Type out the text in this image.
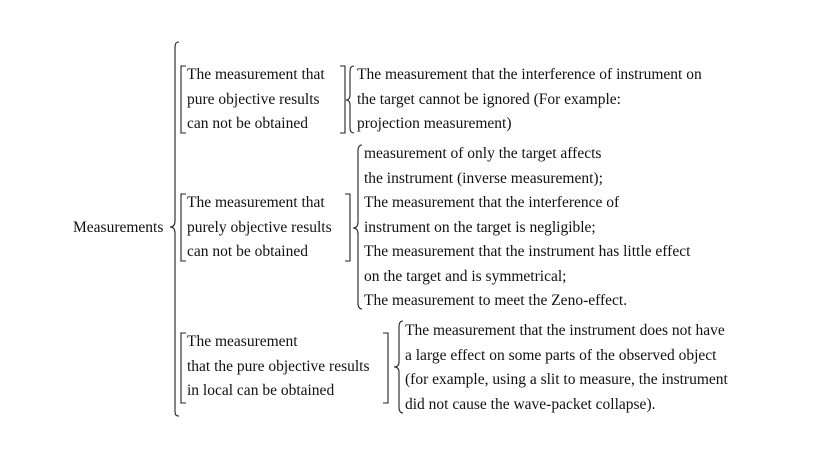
Measurements
The measurement that
pure objective results
can not be obtained
The measurement that the interference of instrument on
the target cannot be ignored (For example:
projection measurement)
The measurement that
purely objective results
can not be obtained
measurement of only the target affects
the instrument (inverse measurement);
The measurement that the interference of
instrument on the target is negligible;
The measurement that the instrument has little effect
on the target and is symmetrical;
The measurement to meet the Zeno-effect.
The measurement
that the pure objective results
in local can be obtained
The measurement that the instrument does not have
a large effect on some parts of the observed object
(for example, using a slit to measure, the instrument
did not cause the wave-packet collapse).
